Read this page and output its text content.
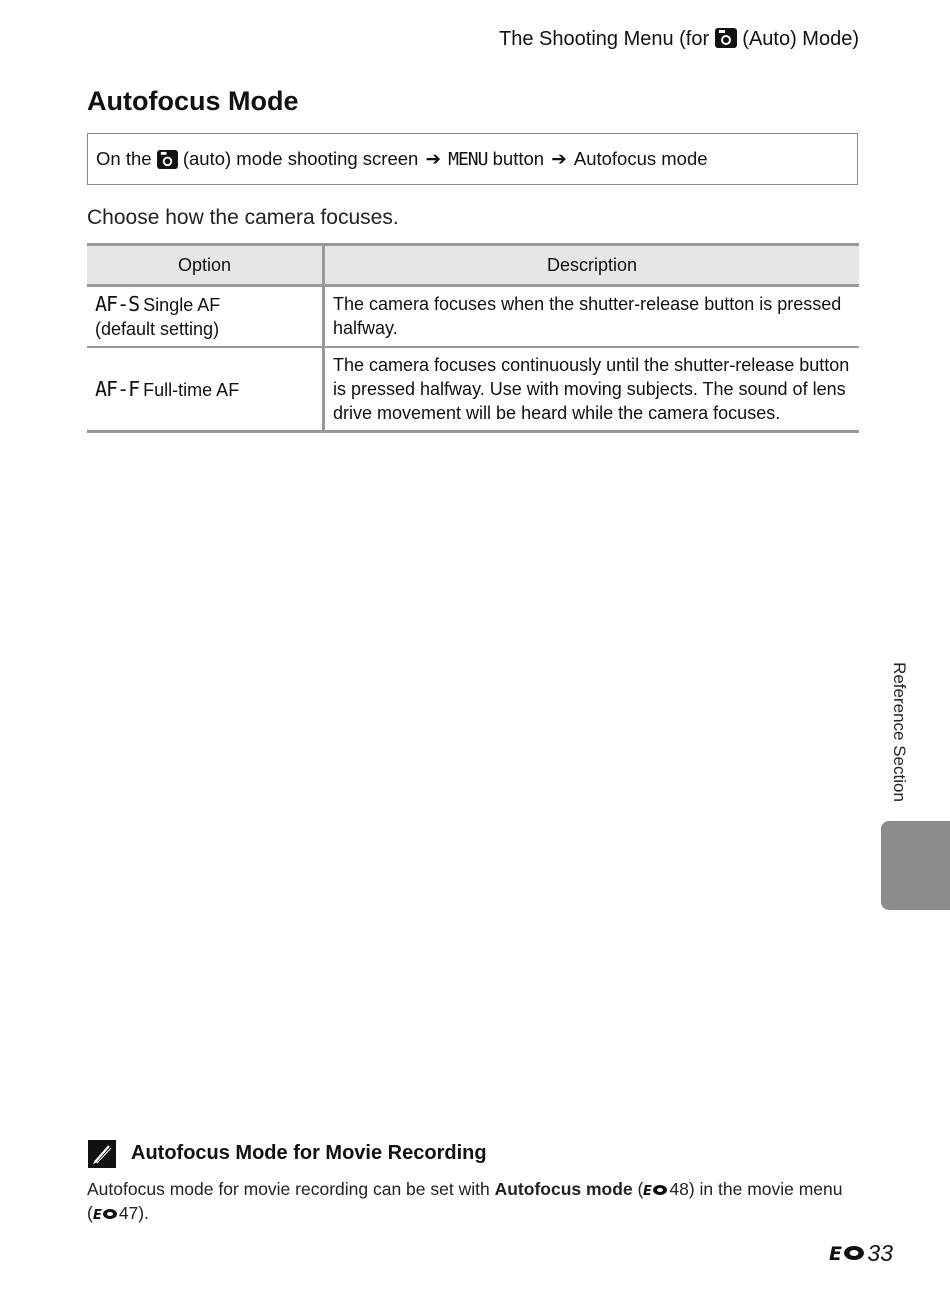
The Shooting Menu (for (Auto) Mode)
Autofocus Mode
On the

(auto) mode shooting screen
➔
MENU
button
➔
Autofocus mode
Choose how the camera focuses.
Option	Description
AF-S Single AF
(default setting)	The camera focuses when the shutter-release button is pressed halfway.
AF-F Full-time AF	The camera focuses continuously until the shutter-release button is pressed halfway. Use with moving subjects. The sound of lens drive movement will be heard while the camera focuses.
Reference Section
Autofocus Mode for Movie Recording
Autofocus mode for movie recording can be set with Autofocus mode ( E 48) in the movie menu
( E 47).
E 33
